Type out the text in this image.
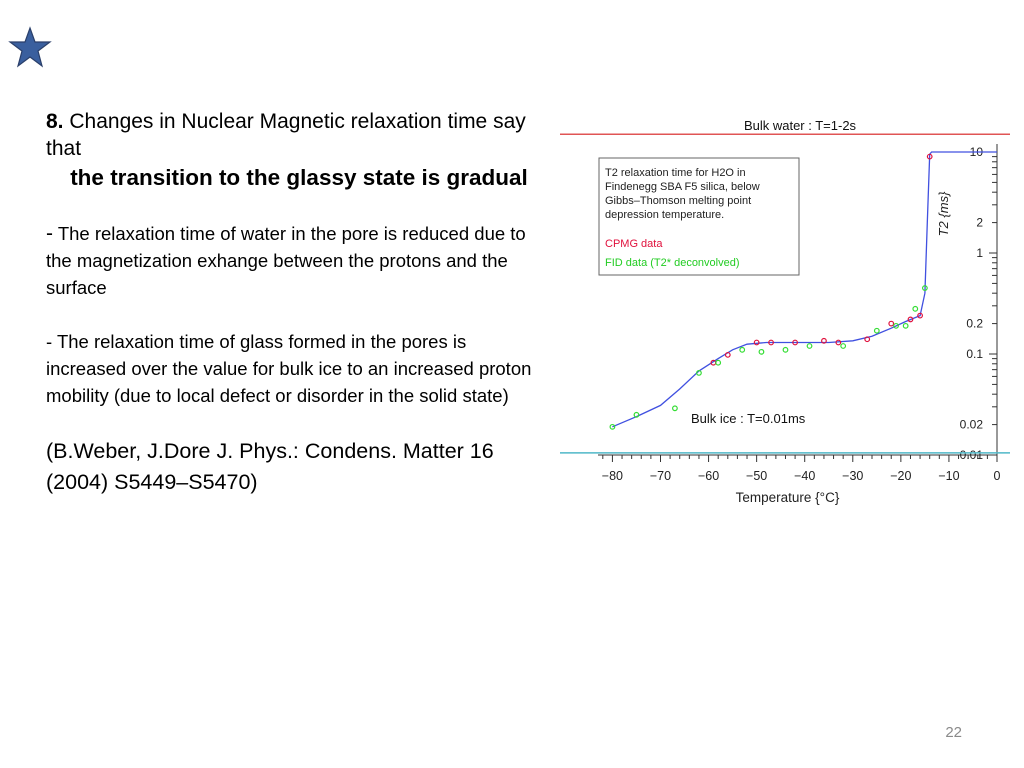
8. Changes in Nuclear Magnetic relaxation time say that

the transition to the glassy state is gradual

- The relaxation time of water in the pore is reduced due to the magnetization exhange between the protons and the surface

- The relaxation time of glass formed in the pores is increased over the value for bulk ice to an increased proton mobility (due to local defect or disorder in the solid state)

(B.Weber, J.Dore J. Phys.: Condens. Matter 16 (2004) S5449–S5470)	−80 −70 −60 −50 −40 −30 −20 −10	0
Temperature {°C}
0.01
0.02
0.1
0.2
1
2
10
T2 {ms}
Bulk water : T=1-2s
Bulk ice : T=0.01ms
T2 relaxation time for H2O in
Findenegg SBA F5 silica, below
Gibbs–Thomson melting point
depression temperature.
CPMG data
FID data (T2* deconvolved)
22
